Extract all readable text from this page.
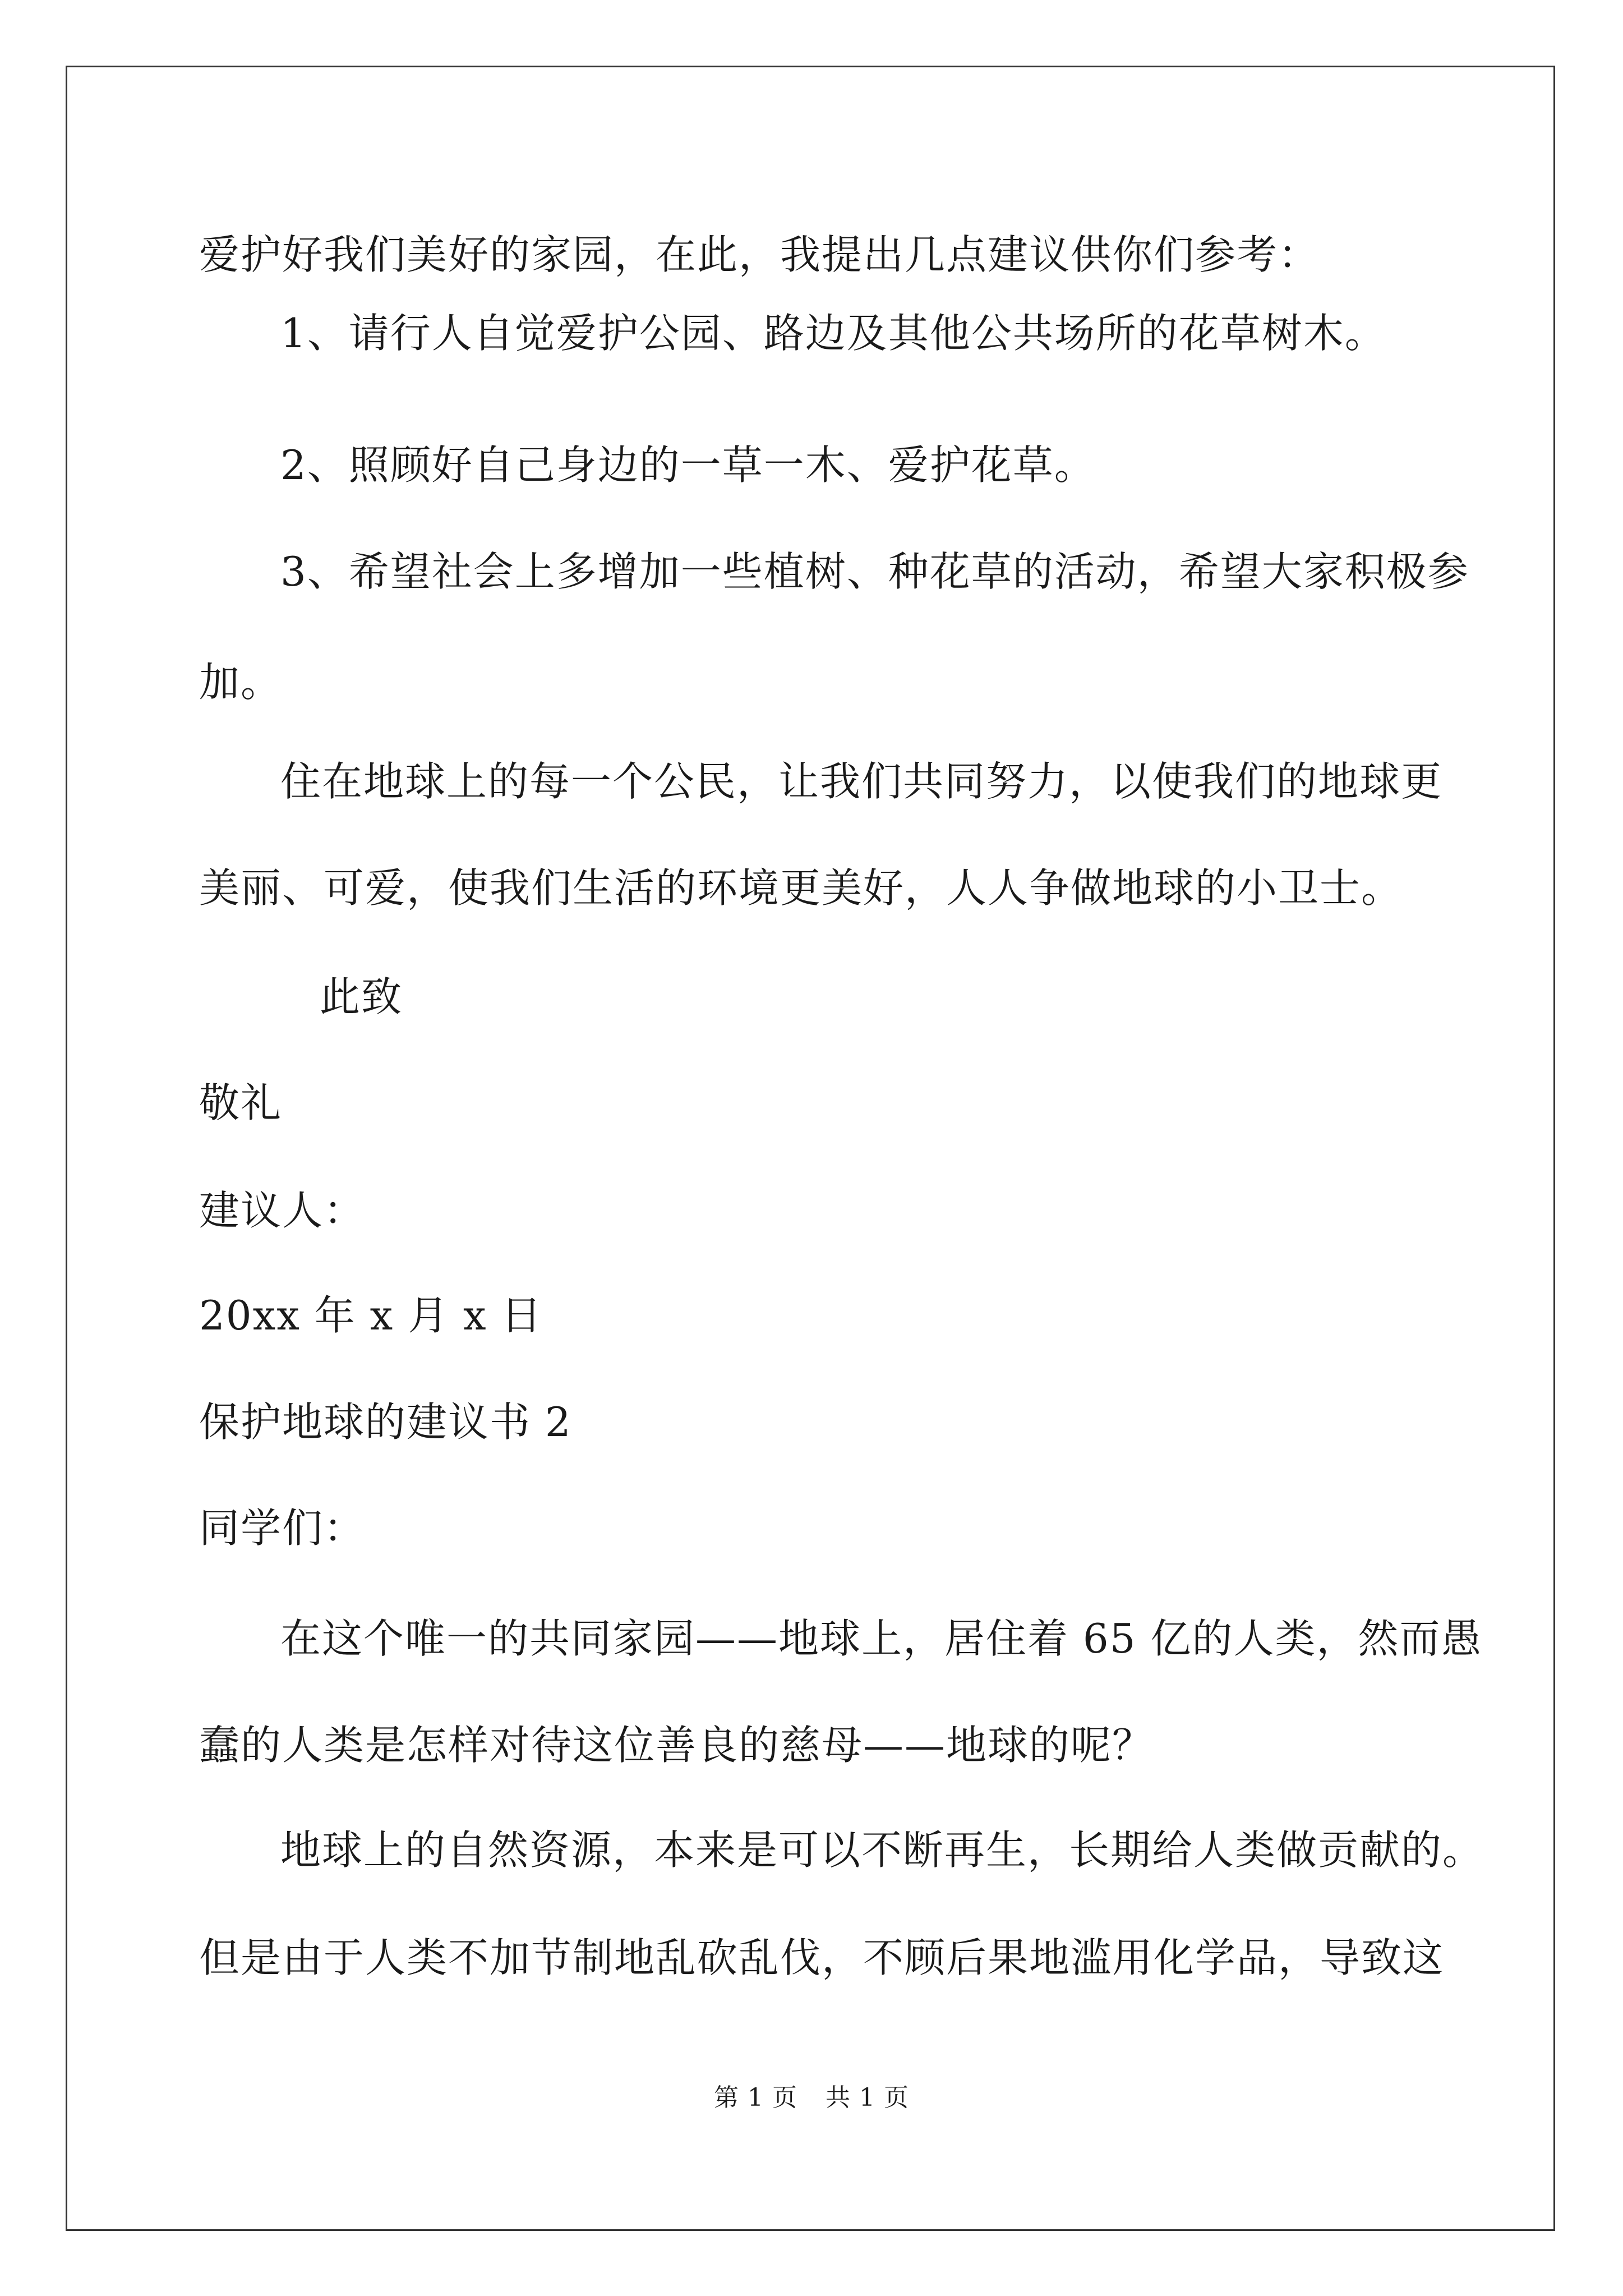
爱护好我们美好的家园，在此，我提出几点建议供你们参考：
1、请行人自觉爱护公园、路边及其他公共场所的花草树木。
2、照顾好自己身边的一草一木、爱护花草。
3、希望社会上多增加一些植树、种花草的活动，希望大家积极参
加。
住在地球上的每一个公民，让我们共同努力，以使我们的地球更
美丽、可爱，使我们生活的环境更美好，人人争做地球的小卫士。
此致
敬礼
建议人：
20xx 年 x 月 x 日
保护地球的建议书 2
同学们：
在这个唯一的共同家园——地球上，居住着 65 亿的人类，然而愚
蠢的人类是怎样对待这位善良的慈母——地球的呢？
地球上的自然资源，本来是可以不断再生，长期给人类做贡献的。
但是由于人类不加节制地乱砍乱伐，不顾后果地滥用化学品，导致这
第 1 页 共 1 页
